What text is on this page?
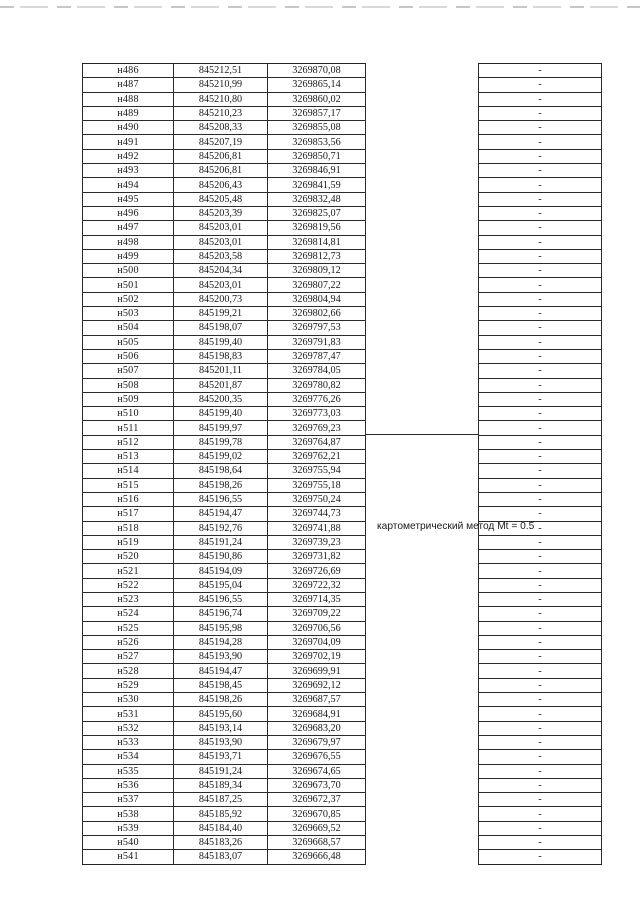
н486	845212,51	3269870,08	картометрический метод Mt = 0.5	-
н487	845210,99	3269865,14		-
н488	845210,80	3269860,02		-
н489	845210,23	3269857,17		-
н490	845208,33	3269855,08		-
н491	845207,19	3269853,56		-
н492	845206,81	3269850,71		-
н493	845206,81	3269846,91		-
н494	845206,43	3269841,59		-
н495	845205,48	3269832,48		-
н496	845203,39	3269825,07		-
н497	845203,01	3269819,56		-
н498	845203,01	3269814,81		-
н499	845203,58	3269812,73		-
н500	845204,34	3269809,12		-
н501	845203,01	3269807,22		-
н502	845200,73	3269804,94		-
н503	845199,21	3269802,66		-
н504	845198,07	3269797,53		-
н505	845199,40	3269791,83		-
н506	845198,83	3269787,47		-
н507	845201,11	3269784,05		-
н508	845201,87	3269780,82		-
н509	845200,35	3269776,26		-
н510	845199,40	3269773,03		-
н511	845199,97	3269769,23		-
н512	845199,78	3269764,87		-
н513	845199,02	3269762,21		-
н514	845198,64	3269755,94		-
н515	845198,26	3269755,18		-
н516	845196,55	3269750,24		-
н517	845194,47	3269744,73		-
н518	845192,76	3269741,88		-
н519	845191,24	3269739,23		-
н520	845190,86	3269731,82		-
н521	845194,09	3269726,69		-
н522	845195,04	3269722,32		-
н523	845196,55	3269714,35		-
н524	845196,74	3269709,22		-
н525	845195,98	3269706,56		-
н526	845194,28	3269704,09		-
н527	845193,90	3269702,19		-
н528	845194,47	3269699,91		-
н529	845198,45	3269692,12		-
н530	845198,26	3269687,57		-
н531	845195,60	3269684,91		-
н532	845193,14	3269683,20		-
н533	845193,90	3269679,97		-
н534	845193,71	3269676,55		-
н535	845191,24	3269674,65		-
н536	845189,34	3269673,70		-
н537	845187,25	3269672,37		-
н538	845185,92	3269670,85		-
н539	845184,40	3269669,52		-
н540	845183,26	3269668,57		-
н541	845183,07	3269666,48		-
